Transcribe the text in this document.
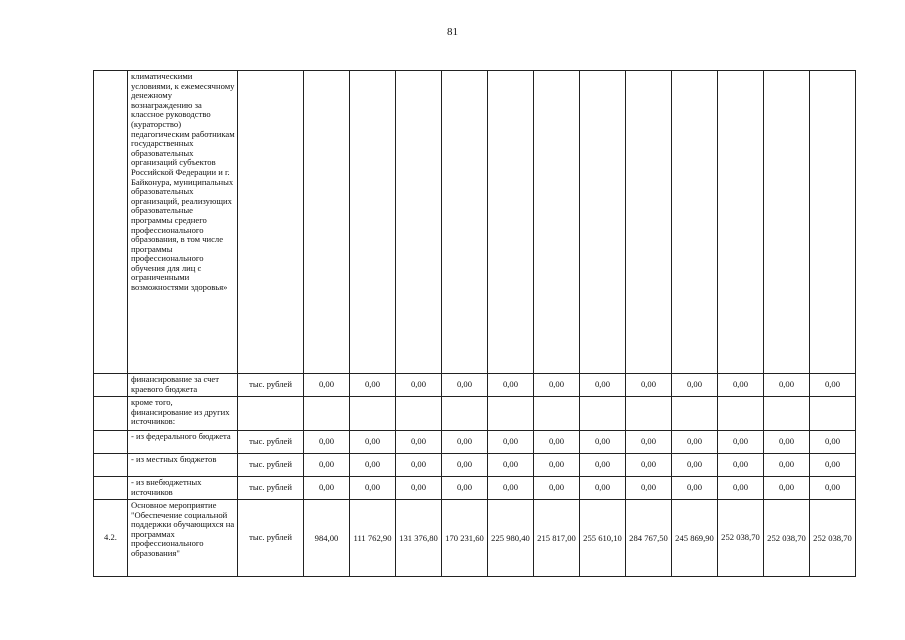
81
	климатическими условиями, к ежемесячному денежному вознаграждению за классное руководство (кураторство) педагогическим работникам государственных образовательных организаций субъектов Российской Федерации и г. Байконура, муниципальных образовательных организаций, реализующих образовательные программы среднего профессионального образования, в том числе программы профессионального обучения для лиц с ограниченными возможностями здоровья»													
	финансирование за счет краевого бюджета	тыс. рублей	0,00	0,00	0,00	0,00	0,00	0,00	0,00	0,00	0,00	0,00	0,00	0,00
	кроме того, финансирование из других источников:													
	- из федерального бюджета	тыс. рублей	0,00	0,00	0,00	0,00	0,00	0,00	0,00	0,00	0,00	0,00	0,00	0,00
	- из местных бюджетов	тыс. рублей	0,00	0,00	0,00	0,00	0,00	0,00	0,00	0,00	0,00	0,00	0,00	0,00
	- из внебюджетных источников	тыс. рублей	0,00	0,00	0,00	0,00	0,00	0,00	0,00	0,00	0,00	0,00	0,00	0,00
4.2.	Основное мероприятие "Обеспечение социальной поддержки обучающихся на программах профессионального образования"	тыс. рублей	984,00	111 762,90	131 376,80	170 231,60	225 980,40	215 817,00	255 610,10	284 767,50	245 869,90	252 038,70	252 038,70	252 038,70
